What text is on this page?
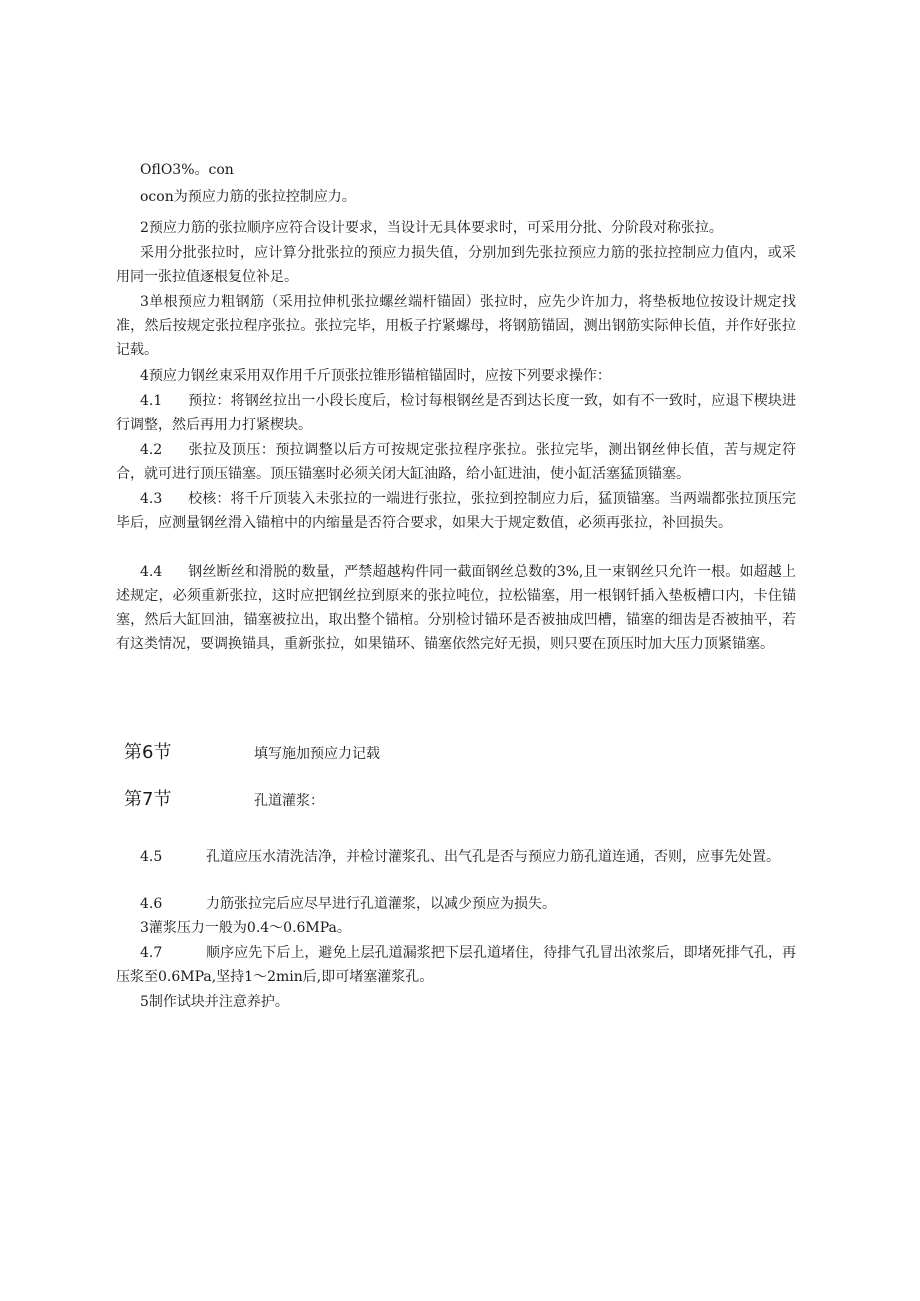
OflO3%。con

ocon为预应力筋的张拉控制应力。

2预应力筋的张拉顺序应符合设计要求，当设计无具体要求时，可采用分批、分阶段对称张拉。

采用分批张拉时，应计算分批张拉的预应力损失值，分别加到先张拉预应力筋的张拉控制应力值内，或采用同一张拉值逐根复位补足。

3单根预应力粗钢筋（采用拉伸机张拉螺丝端杆锚固）张拉时，应先少许加力，将垫板地位按设计规定找准，然后按规定张拉程序张拉。张拉完毕，用板子拧紧螺母，将钢筋锚固，测出钢筋实际伸长值，并作好张拉记载。

4预应力钢丝束采用双作用千斤顶张拉锥形锚棺锚固时，应按下列要求操作：

4.1 预拉：将钢丝拉出一小段长度后，检讨每根钢丝是否到达长度一致，如有不一致时，应退下楔块进行调整，然后再用力打紧楔块。

4.2 张拉及顶压：预拉调整以后方可按规定张拉程序张拉。张拉完毕，测出钢丝伸长值，苦与规定符合，就可进行顶压锚塞。顶压锚塞时必须关闭大缸油路，给小缸进油，使小缸活塞猛顶锚塞。

4.3 校核：将千斤顶装入未张拉的一端进行张拉，张拉到控制应力后，猛顶锚塞。当两端都张拉顶压完毕后，应测量钢丝滑入锚棺中的内缩量是否符合要求，如果大于规定数值，必须再张拉，补回损失。

4.4 钢丝断丝和滑脱的数量，严禁超越构件同一截面钢丝总数的3%,且一束钢丝只允许一根。如超越上述规定，必须重新张拉，这时应把钢丝拉到原来的张拉吨位，拉松锚塞，用一根钢钎插入垫板槽口内，卡住锚塞，然后大缸回油，锚塞被拉出，取出整个锚棺。分别检讨锚环是否被抽成凹槽，锚塞的细齿是否被抽平，若有这类情况，要调换锚具，重新张拉，如果锚环、锚塞依然完好无损，则只要在顶压时加大压力顶紧锚塞。

第6节	填写施加预应力记载
第7节	孔道灌浆：

4.5	孔道应压水清洗洁净，并检讨灌浆孔、出气孔是否与预应力筋孔道连通，否则，应事先处置。

4.6	力筋张拉完后应尽早进行孔道灌浆，以减少预应为损失。

3灌浆压力一般为0.4～0.6MPa。

4.7	顺序应先下后上，避免上层孔道漏浆把下层孔道堵住，待排气孔冒出浓浆后，即堵死排气孔，再压浆至0.6MPa,坚持1～2min后,即可堵塞灌浆孔。

5制作试块并注意养护。
